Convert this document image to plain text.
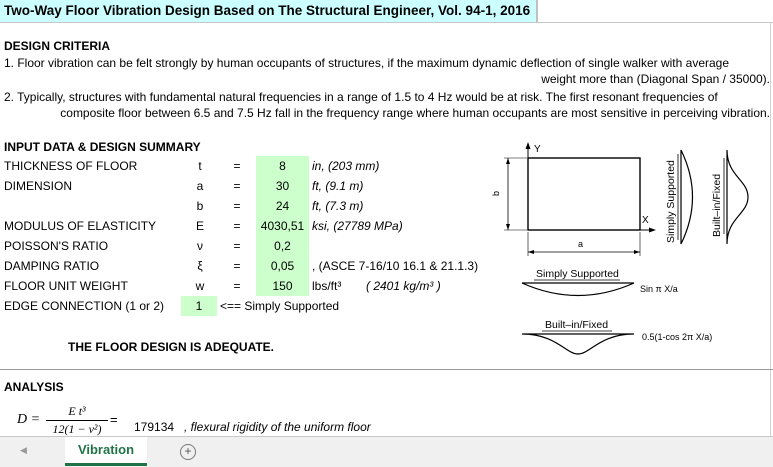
Two-Way Floor Vibration Design Based on The Structural Engineer, Vol. 94-1, 2016
DESIGN CRITERIA
1. Floor vibration can be felt strongly by human occupants of structures, if the maximum dynamic deflection of single walker with average
weight more than (Diagonal Span / 35000).
2. Typically, structures with fundamental natural frequencies in a range of 1.5 to 4 Hz would be at risk. The first resonant frequencies of
composite floor between 6.5 and 7.5 Hz fall in the frequency range where human occupants are most sensitive in perceiving vibration.
INPUT DATA & DESIGN SUMMARY
THICKNESS OF FLOOR	t	=	8	in, (203 mm)
DIMENSION	a	=	30	ft, (9.1 m)
b	=	24	ft, (7.3 m)
MODULUS OF ELASTICITY	E	=	4030,51 ksi, (27789 MPa)
POISSON'S RATIO	ν	=	0,2
DAMPING RATIO	ξ	=	0,05	, (ASCE 7-16/10 16.1 & 21.1.3)
FLOOR UNIT WEIGHT	w	=	150	lbs/ft³ ( 2401 kg/m³ )
EDGE CONNECTION (1 or 2)	1	<== Simply Supported
THE FLOOR DESIGN IS ADEQUATE.
Y
X
b
a
Simply Supported
Sin π X/a
Built–in/Fixed
0.5(1-cos 2π X/a)
Simply Supported	Built–in/Fixed
ANALYSIS
D =
E t³
12(1 − ν²)
= 179134 , flexural rigidity of the uniform floor
◀	Vibration	+
